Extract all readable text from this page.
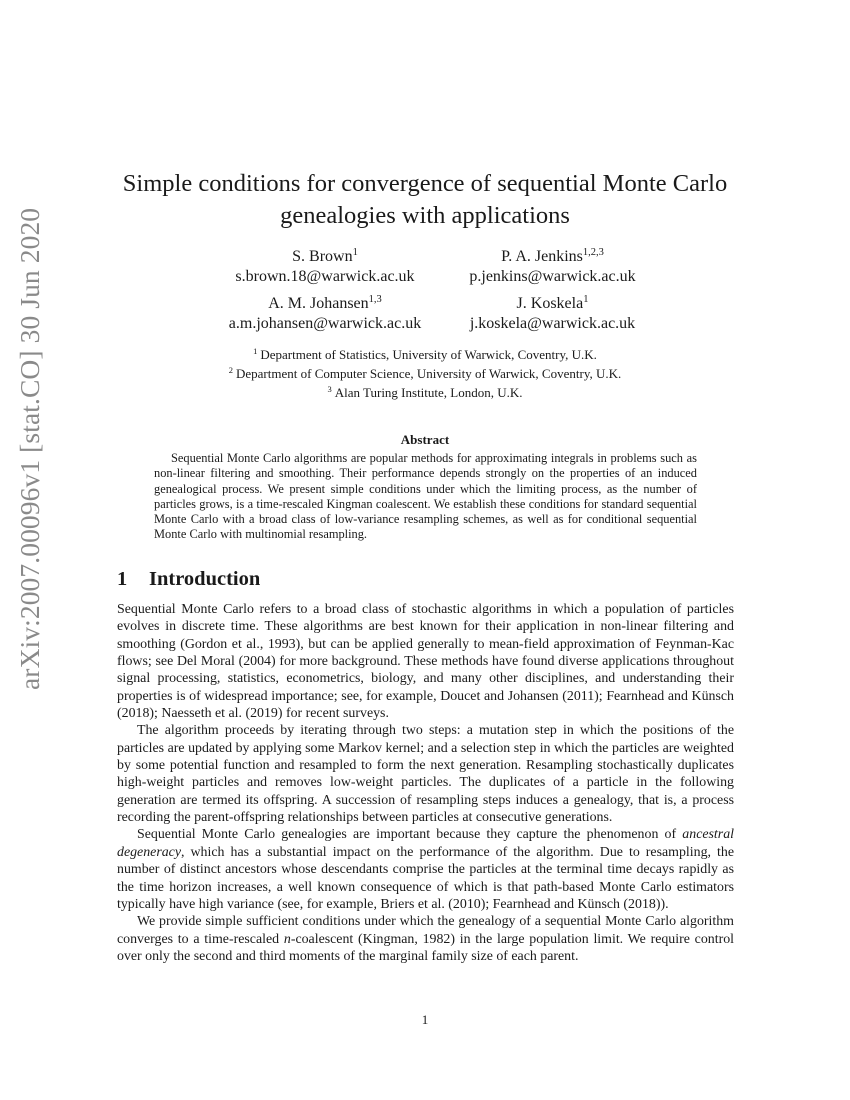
arXiv:2007.00096v1 [stat.CO] 30 Jun 2020
Simple conditions for convergence of sequential Monte Carlo
genealogies with applications
S. Brown$^1$
s.brown.18@warwick.ac.uk
P. A. Jenkins$^{1,2,3}$
p.jenkins@warwick.ac.uk
A. M. Johansen$^{1,3}$
a.m.johansen@warwick.ac.uk
J. Koskela$^1$
j.koskela@warwick.ac.uk
$^1$ Department of Statistics, University of Warwick, Coventry, U.K.
$^2$ Department of Computer Science, University of Warwick, Coventry, U.K.
$^3$ Alan Turing Institute, London, U.K.
Abstract
Sequential Monte Carlo algorithms are popular methods for approximating integrals in problems such as non-linear filtering and smoothing. Their performance depends strongly on the properties of an induced genealogical process. We present simple conditions under which the limiting process, as the number of particles grows, is a time-rescaled Kingman coalescent. We establish these conditions for standard sequential Monte Carlo with a broad class of low-variance resampling schemes, as well as for conditional sequential Monte Carlo with multinomial resampling.
1 Introduction

Sequential Monte Carlo refers to a broad class of stochastic algorithms in which a population of particles evolves in discrete time. These algorithms are best known for their application in non-linear filtering and smoothing (Gordon et al., 1993), but can be applied generally to mean-field approximation of Feynman-Kac flows; see Del Moral (2004) for more background. These methods have found diverse applications throughout signal processing, statistics, econometrics, biology, and many other disciplines, and understanding their properties is of widespread importance; see, for example, Doucet and Johansen (2011); Fearnhead and Künsch (2018); Naesseth et al. (2019) for recent surveys.

The algorithm proceeds by iterating through two steps: a mutation step in which the positions of the particles are updated by applying some Markov kernel; and a selection step in which the particles are weighted by some potential function and resampled to form the next generation. Resampling stochastically duplicates high-weight particles and removes low-weight particles. The duplicates of a particle in the following generation are termed its offspring. A succession of resampling steps induces a genealogy, that is, a process recording the parent-offspring relationships between particles at consecutive generations.

Sequential Monte Carlo genealogies are important because they capture the phenomenon of ancestral degeneracy, which has a substantial impact on the performance of the algorithm. Due to resampling, the number of distinct ancestors whose descendants comprise the particles at the terminal time decays rapidly as the time horizon increases, a well known consequence of which is that path-based Monte Carlo estimators typically have high variance (see, for example, Briers et al. (2010); Fearnhead and Künsch (2018)).

We provide simple sufficient conditions under which the genealogy of a sequential Monte Carlo algorithm converges to a time-rescaled n-coalescent (Kingman, 1982) in the large population limit. We require control over only the second and third moments of the marginal family size of each parent.

1
